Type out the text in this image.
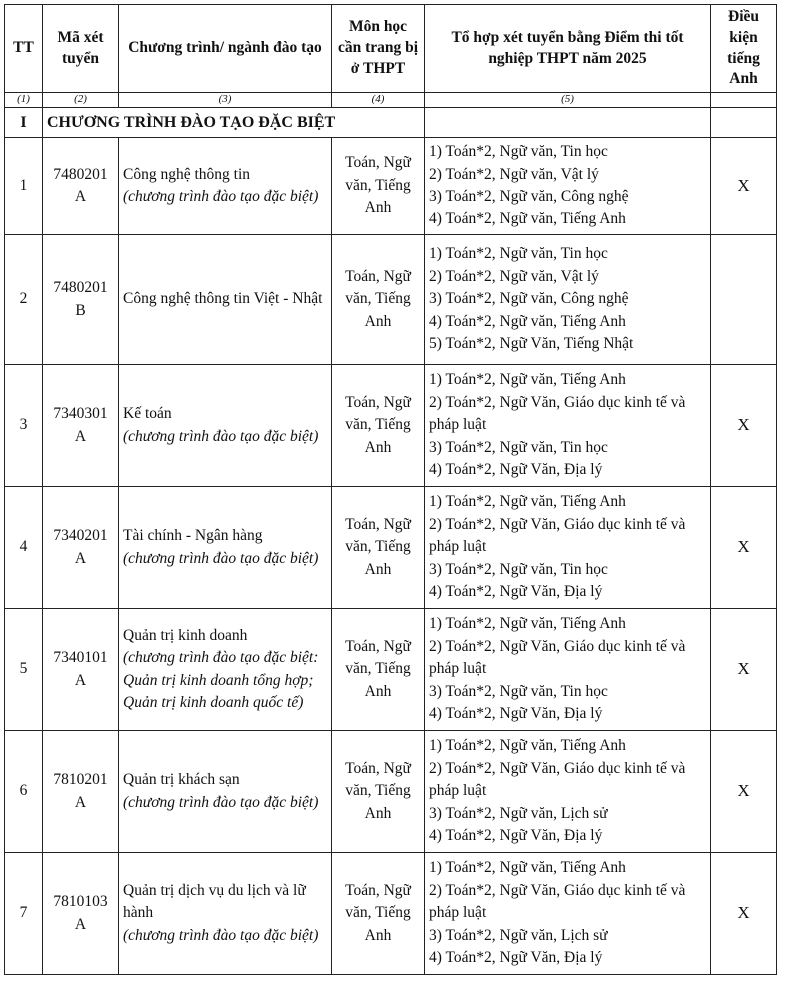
TT	Mã xét tuyển	Chương trình/ ngành đào tạo	Môn học cần trang bị ở THPT	Tổ hợp xét tuyển bằng Điểm thi tốt nghiệp THPT năm 2025	Điều kiện tiếng Anh
(1)	(2)	(3)	(4)	(5)	
I	CHƯƠNG TRÌNH ĐÀO TẠO ĐẶC BIỆT				
1	7480201 A	Công nghệ thông tin
(chương trình đào tạo đặc biệt)	Toán, Ngữ văn, Tiếng Anh	1) Toán*2, Ngữ văn, Tin học
2) Toán*2, Ngữ văn, Vật lý
3) Toán*2, Ngữ văn, Công nghệ
4) Toán*2, Ngữ văn, Tiếng Anh	X
2	7480201 B	Công nghệ thông tin Việt - Nhật	Toán, Ngữ văn, Tiếng Anh	1) Toán*2, Ngữ văn, Tin học
2) Toán*2, Ngữ văn, Vật lý
3) Toán*2, Ngữ văn, Công nghệ
4) Toán*2, Ngữ văn, Tiếng Anh
5) Toán*2, Ngữ Văn, Tiếng Nhật	

3	7340301 A	Kế toán
(chương trình đào tạo đặc biệt)	Toán, Ngữ văn, Tiếng Anh	1) Toán*2, Ngữ văn, Tiếng Anh
2) Toán*2, Ngữ Văn, Giáo dục kinh tế và pháp luật
3) Toán*2, Ngữ văn, Tin học
4) Toán*2, Ngữ Văn, Địa lý	X
4	7340201 A	Tài chính - Ngân hàng
(chương trình đào tạo đặc biệt)	Toán, Ngữ văn, Tiếng Anh	1) Toán*2, Ngữ văn, Tiếng Anh
2) Toán*2, Ngữ Văn, Giáo dục kinh tế và pháp luật
3) Toán*2, Ngữ văn, Tin học
4) Toán*2, Ngữ Văn, Địa lý	X
5	7340101 A	Quản trị kinh doanh
(chương trình đào tạo đặc biệt: Quản trị kinh doanh tổng hợp; Quản trị kinh doanh quốc tế)	Toán, Ngữ văn, Tiếng Anh	1) Toán*2, Ngữ văn, Tiếng Anh
2) Toán*2, Ngữ Văn, Giáo dục kinh tế và pháp luật
3) Toán*2, Ngữ văn, Tin học
4) Toán*2, Ngữ Văn, Địa lý	X
6	7810201 A	Quản trị khách sạn
(chương trình đào tạo đặc biệt)	Toán, Ngữ văn, Tiếng Anh	1) Toán*2, Ngữ văn, Tiếng Anh
2) Toán*2, Ngữ Văn, Giáo dục kinh tế và pháp luật
3) Toán*2, Ngữ văn, Lịch sử
4) Toán*2, Ngữ Văn, Địa lý	X
7	7810103 A	Quản trị dịch vụ du lịch và lữ hành
(chương trình đào tạo đặc biệt)	Toán, Ngữ văn, Tiếng Anh	1) Toán*2, Ngữ văn, Tiếng Anh
2) Toán*2, Ngữ Văn, Giáo dục kinh tế và pháp luật
3) Toán*2, Ngữ văn, Lịch sử
4) Toán*2, Ngữ Văn, Địa lý	X
